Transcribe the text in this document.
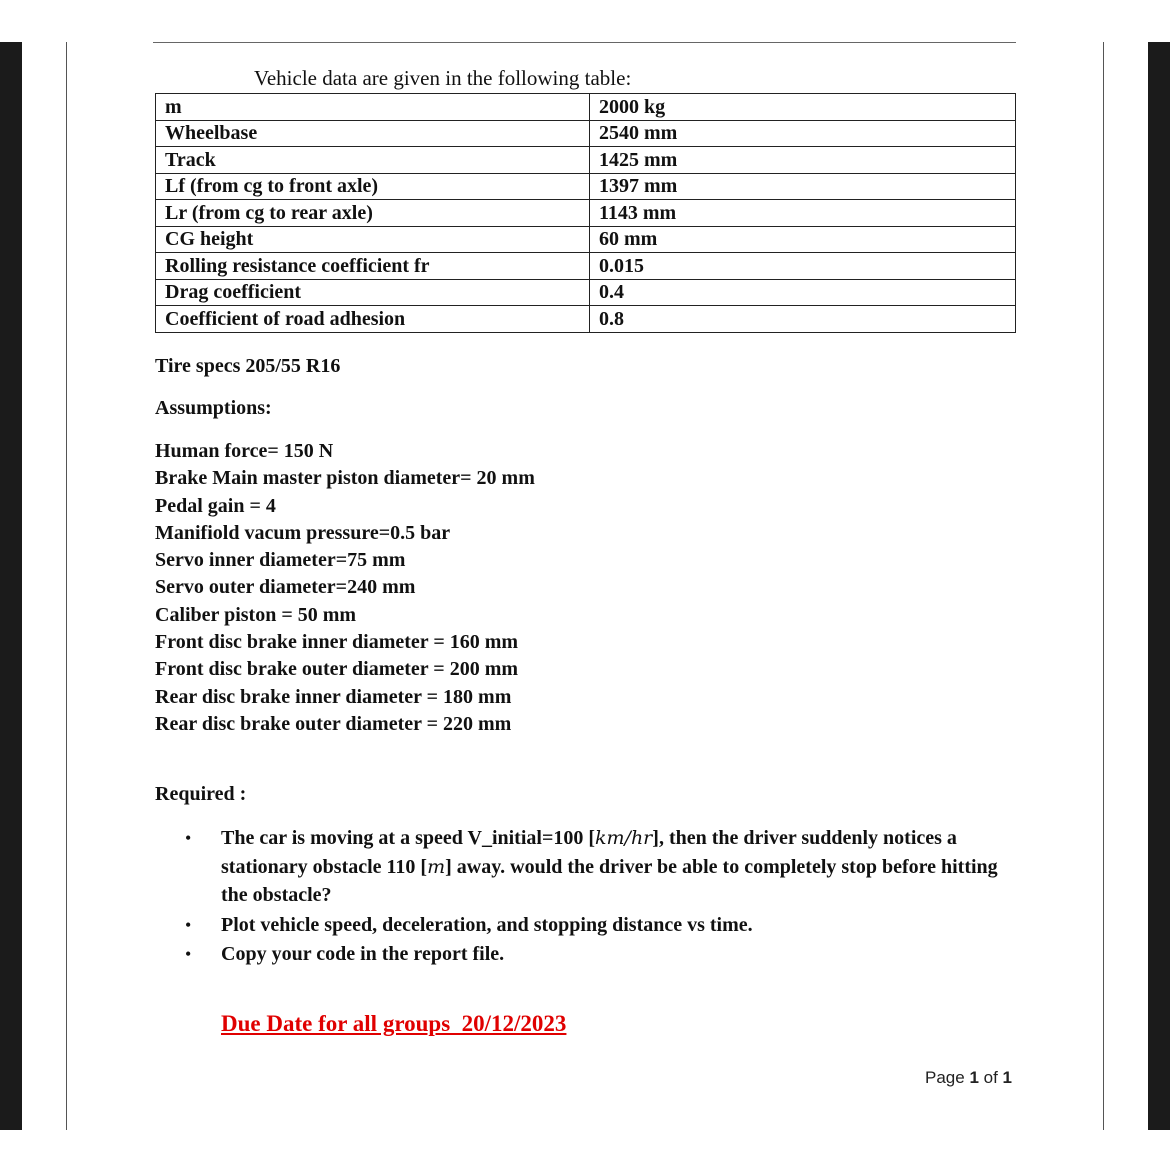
Vehicle data are given in the following table:
m	2000 kg
Wheelbase	2540 mm
Track	1425 mm
Lf (from cg to front axle)	1397 mm
Lr (from cg to rear axle)	1143 mm
CG height	60 mm
Rolling resistance coefficient fr	0.015
Drag coefficient	0.4
Coefficient of road adhesion	0.8
Tire specs 205/55 R16
Assumptions:
Human force= 150 N
Brake Main master piston diameter= 20 mm
Pedal gain = 4
Manifiold vacum pressure=0.5 bar
Servo inner diameter=75 mm
Servo outer diameter=240 mm
Caliber piston = 50 mm
Front disc brake inner diameter = 160 mm
Front disc brake outer diameter = 200 mm
Rear disc brake inner diameter = 180 mm
Rear disc brake outer diameter = 220 mm
Required :
• The car is moving at a speed V_initial=100 [km/hr], then the driver suddenly notices a stationary obstacle 110 [m] away. would the driver be able to completely stop before hitting the obstacle?
• Plot vehicle speed, deceleration, and stopping distance vs time.
• Copy your code in the report file.
Due Date for all groups  20/12/2023
Page 1 of 1
